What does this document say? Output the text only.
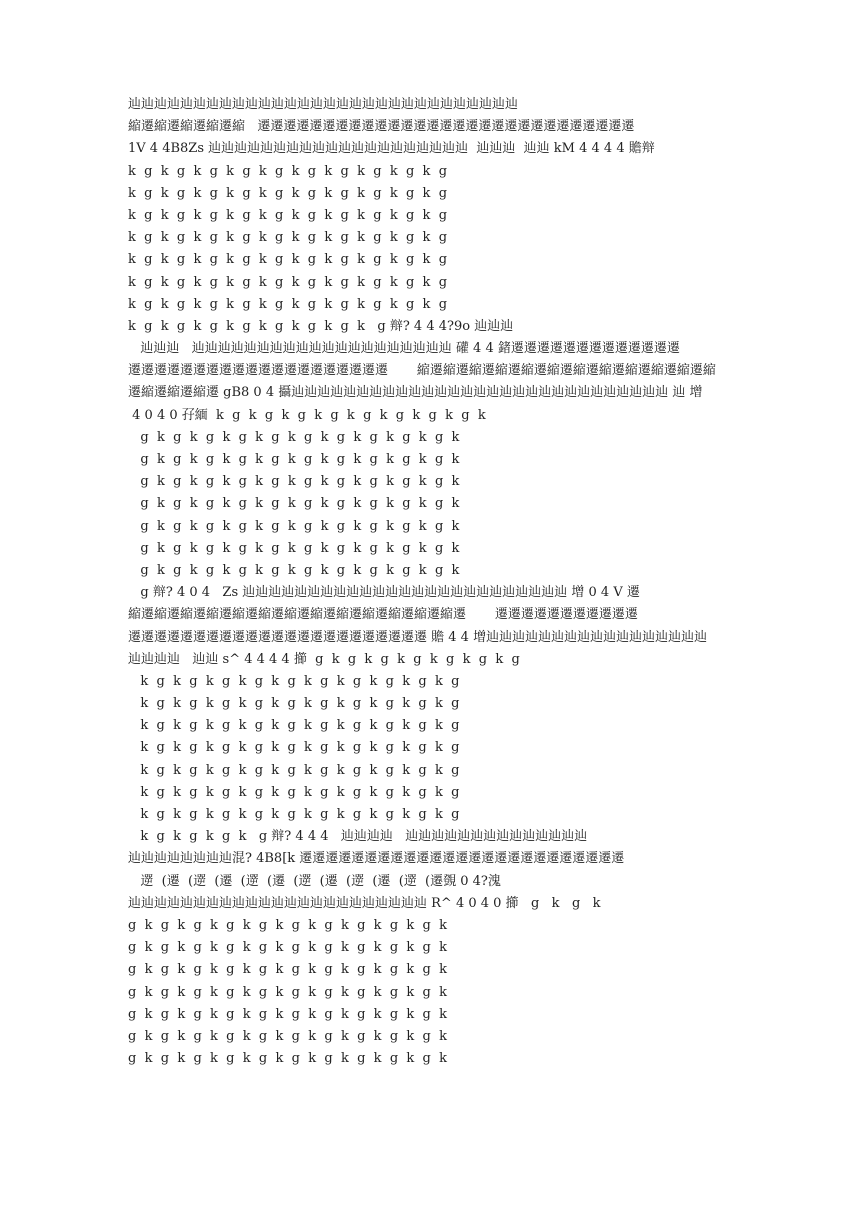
辿辿辿辿辿辿辿辿辿辿辿辿辿辿辿辿辿辿辿辿辿辿辿辿辿辿辿辿辿辿
縮遷縮遷縮遷縮遷縮   遷遷遷遷遷遷遷遷遷遷遷遷遷遷遷遷遷遷遷遷遷遷遷遷遷遷遷遷遷
1V 4 4B8Zs 辿辿辿辿辿辿辿辿辿辿辿辿辿辿辿辿辿辿辿辿  辿辿辿  辿辿 kM 4 4 4 4 贍辩
k  g  k  g  k  g  k  g  k  g  k  g  k  g  k  g  k  g  k  g
k  g  k  g  k  g  k  g  k  g  k  g  k  g  k  g  k  g  k  g
k  g  k  g  k  g  k  g  k  g  k  g  k  g  k  g  k  g  k  g
k  g  k  g  k  g  k  g  k  g  k  g  k  g  k  g  k  g  k  g
k  g  k  g  k  g  k  g  k  g  k  g  k  g  k  g  k  g  k  g
k  g  k  g  k  g  k  g  k  g  k  g  k  g  k  g  k  g  k  g
k  g  k  g  k  g  k  g  k  g  k  g  k  g  k  g  k  g  k  g
k  g  k  g  k  g  k  g  k  g  k  g  k  g  k   g 辩? 4 4 4?9o 辿辿辿
辿辿辿   辿辿辿辿辿辿辿辿辿辿辿辿辿辿辿辿辿辿辿辿 礶 4 4 鍺遷遷遷遷遷遷遷遷遷遷遷遷遷
遷遷遷遷遷遷遷遷遷遷遷遷遷遷遷遷遷遷遷遷       縮遷縮遷縮遷縮遷縮遷縮遷縮遷縮遷縮遷縮遷縮遷縮
遷縮遷縮遷縮遷 gB8 0 4 攝辿辿辿辿辿辿辿辿辿辿辿辿辿辿辿辿辿辿辿辿辿辿辿辿辿辿辿辿辿 辿 增
4 0 4 0 孖緬  k  g  k  g  k  g  k  g  k  g  k  g  k  g  k  g  k
g  k  g  k  g  k  g  k  g  k  g  k  g  k  g  k  g  k  g  k
g  k  g  k  g  k  g  k  g  k  g  k  g  k  g  k  g  k  g  k
g  k  g  k  g  k  g  k  g  k  g  k  g  k  g  k  g  k  g  k
g  k  g  k  g  k  g  k  g  k  g  k  g  k  g  k  g  k  g  k
g  k  g  k  g  k  g  k  g  k  g  k  g  k  g  k  g  k  g  k
g  k  g  k  g  k  g  k  g  k  g  k  g  k  g  k  g  k  g  k
g  k  g  k  g  k  g  k  g  k  g  k  g  k  g  k  g  k  g  k
g 辩? 4 0 4   Zs 辿辿辿辿辿辿辿辿辿辿辿辿辿辿辿辿辿辿辿辿辿辿辿辿辿 增 0 4 V 遷
縮遷縮遷縮遷縮遷縮遷縮遷縮遷縮遷縮遷縮遷縮遷縮遷縮遷       遷遷遷遷遷遷遷遷遷遷遷
遷遷遷遷遷遷遷遷遷遷遷遷遷遷遷遷遷遷遷遷遷遷遷 贍 4 4 增辿辿辿辿辿辿辿辿辿辿辿辿辿辿辿辿辿
辿辿辿辿   辿辿 s^ 4 4 4 4 擳  g  k  g  k  g  k  g  k  g  k  g  k  g
k  g  k  g  k  g  k  g  k  g  k  g  k  g  k  g  k  g  k  g
k  g  k  g  k  g  k  g  k  g  k  g  k  g  k  g  k  g  k  g
k  g  k  g  k  g  k  g  k  g  k  g  k  g  k  g  k  g  k  g
k  g  k  g  k  g  k  g  k  g  k  g  k  g  k  g  k  g  k  g
k  g  k  g  k  g  k  g  k  g  k  g  k  g  k  g  k  g  k  g
k  g  k  g  k  g  k  g  k  g  k  g  k  g  k  g  k  g  k  g
k  g  k  g  k  g  k  g  k  g  k  g  k  g  k  g  k  g  k  g
k  g  k  g  k  g  k   g 辩? 4 4 4   辿辿辿辿   辿辿辿辿辿辿辿辿辿辿辿辿辿辿
辿辿辿辿辿辿辿辿混? 4B8[k 遷遷遷遷遷遷遷遷遷遷遷遷遷遷遷遷遷遷遷遷遷遷遷遷遷
遻  (遷  (遻  (遷  (遻  (遷  (遻  (遷  (遻  (遷  (遻  (遷覴 0 4?溾
辿辿辿辿辿辿辿辿辿辿辿辿辿辿辿辿辿辿辿辿辿辿辿 R^ 4 0 4 0 擳   g   k   g   k
g  k  g  k  g  k  g  k  g  k  g  k  g  k  g  k  g  k  g  k
g  k  g  k  g  k  g  k  g  k  g  k  g  k  g  k  g  k  g  k
g  k  g  k  g  k  g  k  g  k  g  k  g  k  g  k  g  k  g  k
g  k  g  k  g  k  g  k  g  k  g  k  g  k  g  k  g  k  g  k
g  k  g  k  g  k  g  k  g  k  g  k  g  k  g  k  g  k  g  k
g  k  g  k  g  k  g  k  g  k  g  k  g  k  g  k  g  k  g  k
g  k  g  k  g  k  g  k  g  k  g  k  g  k  g  k  g  k  g  k
